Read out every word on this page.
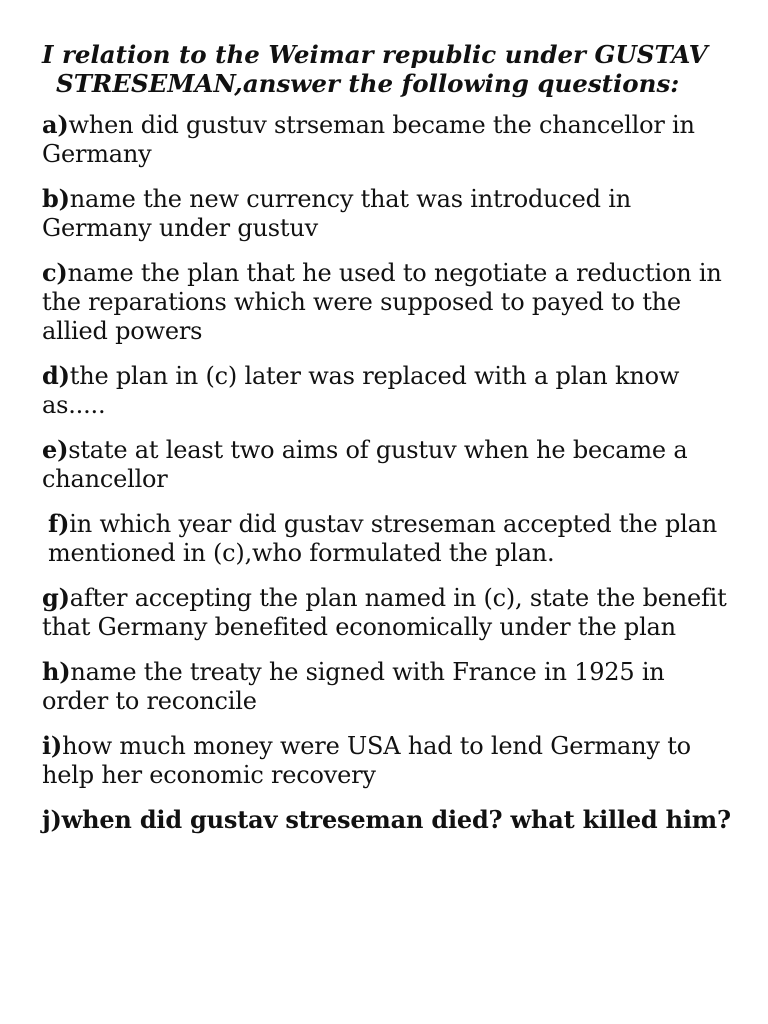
I relation to the Weimar republic under GUSTAV
STRESEMAN,answer the following questions:

a)when did gustuv strseman became the chancellor in Germany

b)name the new currency that was introduced in Germany under gustuv

c)name the plan that he used to negotiate a reduction in the reparations which were supposed to payed to the allied powers

d)the plan in (c) later was replaced with a plan know as.....

e)state at least two aims of gustuv when he became a chancellor

f)in which year did gustav streseman accepted the plan mentioned in (c),who formulated the plan.

g)after accepting the plan named in (c), state the benefit that Germany benefited economically under the plan

h)name the treaty he signed with France in 1925 in order to reconcile

i)how much money were USA had to lend Germany to help her economic recovery

j)when did gustav streseman died? what killed him?
